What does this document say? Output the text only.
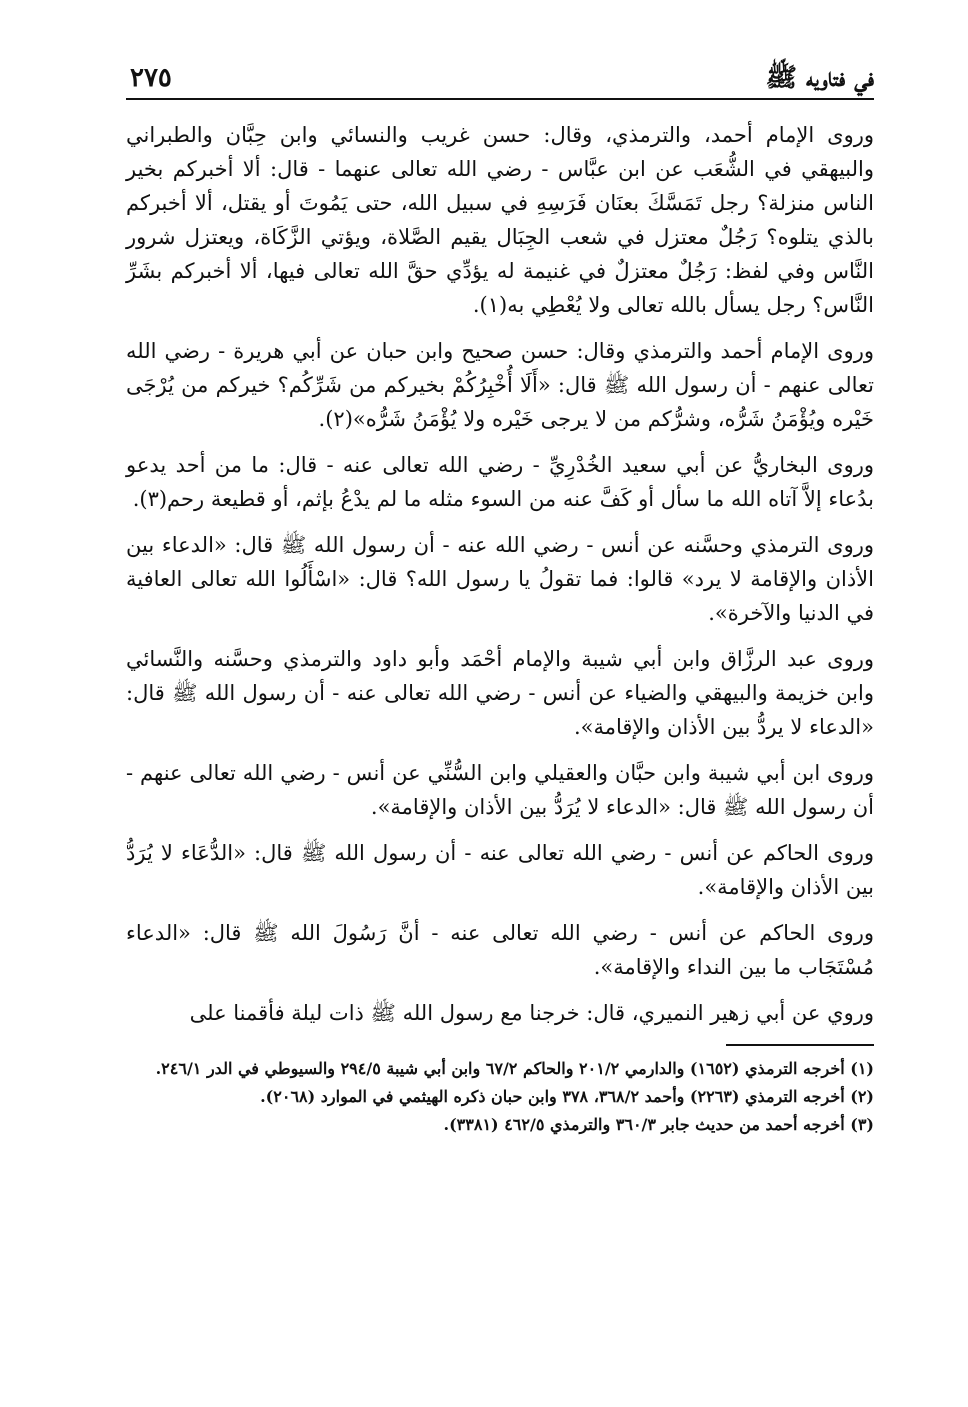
في فتاويه ﷺ
٢٧٥

وروى الإمام أحمد، والترمذي، وقال: حسن غريب والنسائي وابن حِبَّان والطبراني والبيهقي في الشُّعَب عن ابن عبَّاس - رضي الله تعالى عنهما - قال: ألا أخبركم بخير الناس منزلة؟ رجل تَمَسَّكَ بعنَان فَرَسِهِ في سبيل الله، حتى يَمُوتَ أو يقتل، ألا أخبركم بالذي يتلوه؟ رَجُلٌ معتزل في شعب الجِبَال يقيم الصَّلاة، ويؤتي الزَّكَاة، ويعتزل شرور النَّاس وفي لفظ: رَجُلٌ معتزلٌ في غنيمة له يؤدِّي حقَّ الله تعالى فيها، ألا أخبركم بشَرِّ النَّاس؟ رجل يسأل بالله تعالى ولا يُعْطِي به(١).

وروى الإمام أحمد والترمذي وقال: حسن صحيح وابن حبان عن أبي هريرة - رضي الله تعالى عنهم - أن رسول الله ﷺ قال: «أَلَا أُخْبِرُكُمْ بخيركم من شَرِّكُم؟ خيركم من يُرْجَى خَيْره ويُؤْمَنُ شَرُّه، وشرُّكم من لا يرجى خَيْره ولا يُؤْمَنُ شَرُّه»(٢).

وروى البخاريُّ عن أبي سعيد الخُدْرِيِّ - رضي الله تعالى عنه - قال: ما من أحد يدعو بدُعاء إلاَّ آتاه الله ما سأل أو كَفَّ عنه من السوء مثله ما لم يدْعُ بإثم، أو قطيعة رحم(٣).

وروى الترمذي وحسَّنه عن أنس - رضي الله عنه - أن رسول الله ﷺ قال: «الدعاء بين الأذان والإقامة لا يرد» قالوا: فما تقولُ يا رسول الله؟ قال: «اسْأَلُوا الله تعالى العافية في الدنيا والآخرة».

وروى عبد الرزَّاق وابن أبي شيبة والإمام أحْمَد وأبو داود والترمذي وحسَّنه والنَّسائي وابن خزيمة والبيهقي والضياء عن أنس - رضي الله تعالى عنه - أن رسول الله ﷺ قال: «الدعاء لا يردُّ بين الأذان والإقامة».

وروى ابن أبي شيبة وابن حبَّان والعقيلي وابن السُّنِّي عن أنس - رضي الله تعالى عنهم - أن رسول الله ﷺ قال: «الدعاء لا يُرَدُّ بين الأذان والإقامة».

وروى الحاكم عن أنس - رضي الله تعالى عنه - أن رسول الله ﷺ قال: «الدُّعَاء لا يُرَدُّ بين الأذان والإقامة».

وروى الحاكم عن أنس - رضي الله تعالى عنه - أنَّ رَسُولَ الله ﷺ قال: «الدعاء مُسْتَجَاب ما بين النداء والإقامة».

وروي عن أبي زهير النميري، قال: خرجنا مع رسول الله ﷺ ذات ليلة فأقمنا على

(١) أخرجه الترمذي (١٦٥٢) والدارمي ٢٠١/٢ والحاكم ٦٧/٢ وابن أبي شيبة ٢٩٤/٥ والسيوطي في الدر ٢٤٦/١.

(٢) أخرجه الترمذي (٢٢٦٣) وأحمد ٣٦٨/٢، ٣٧٨ وابن حبان ذكره الهيثمي في الموارد (٢٠٦٨).

(٣) أخرجه أحمد من حديث جابر ٣٦٠/٣ والترمذي ٤٦٢/٥ (٣٣٨١).
